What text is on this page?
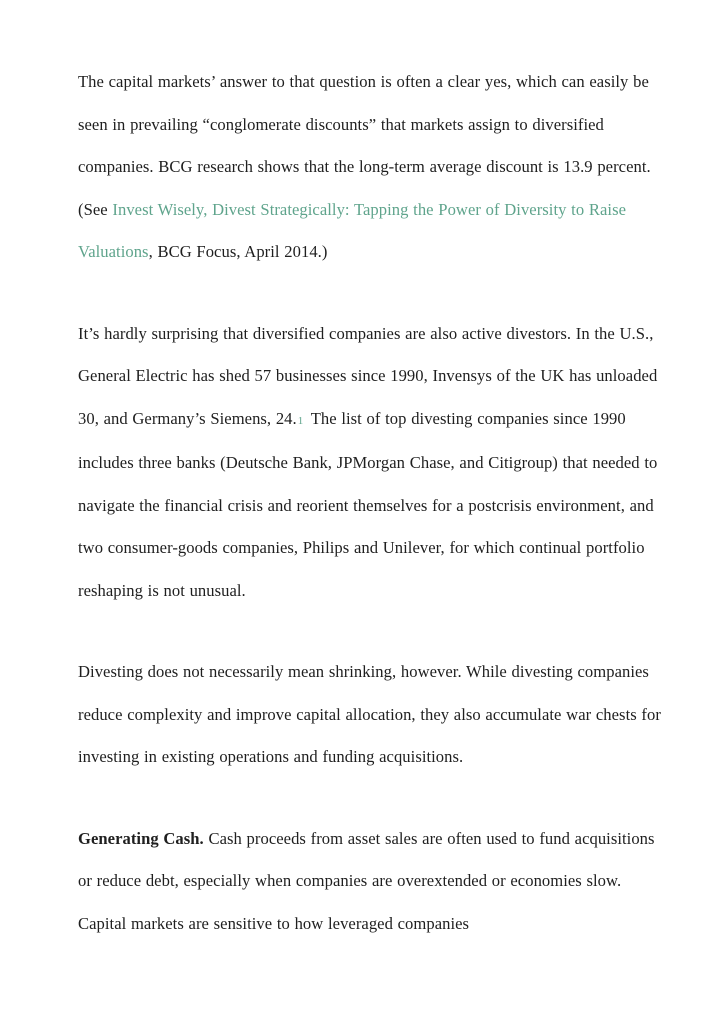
The capital markets’ answer to that question is often a clear yes, which can easily be seen in prevailing “conglomerate discounts” that markets assign to diversified companies. BCG research shows that the long-term average discount is 13.9 percent. (See Invest Wisely, Divest Strategically: Tapping the Power of Diversity to Raise Valuations, BCG Focus, April 2014.)

It’s hardly surprising that diversified companies are also active divestors. In the U.S., General Electric has shed 57 businesses since 1990, Invensys of the UK has unloaded 30, and Germany’s Siemens, 24.1 The list of top divesting companies since 1990 includes three banks (Deutsche Bank, JPMorgan Chase, and Citigroup) that needed to navigate the financial crisis and reorient themselves for a postcrisis environment, and two consumer-goods companies, Philips and Unilever, for which continual portfolio reshaping is not unusual.

Divesting does not necessarily mean shrinking, however. While divesting companies reduce complexity and improve capital allocation, they also accumulate war chests for investing in existing operations and funding acquisitions.

Generating Cash. Cash proceeds from asset sales are often used to fund acquisitions or reduce debt, especially when companies are overextended or economies slow. Capital markets are sensitive to how leveraged companies
